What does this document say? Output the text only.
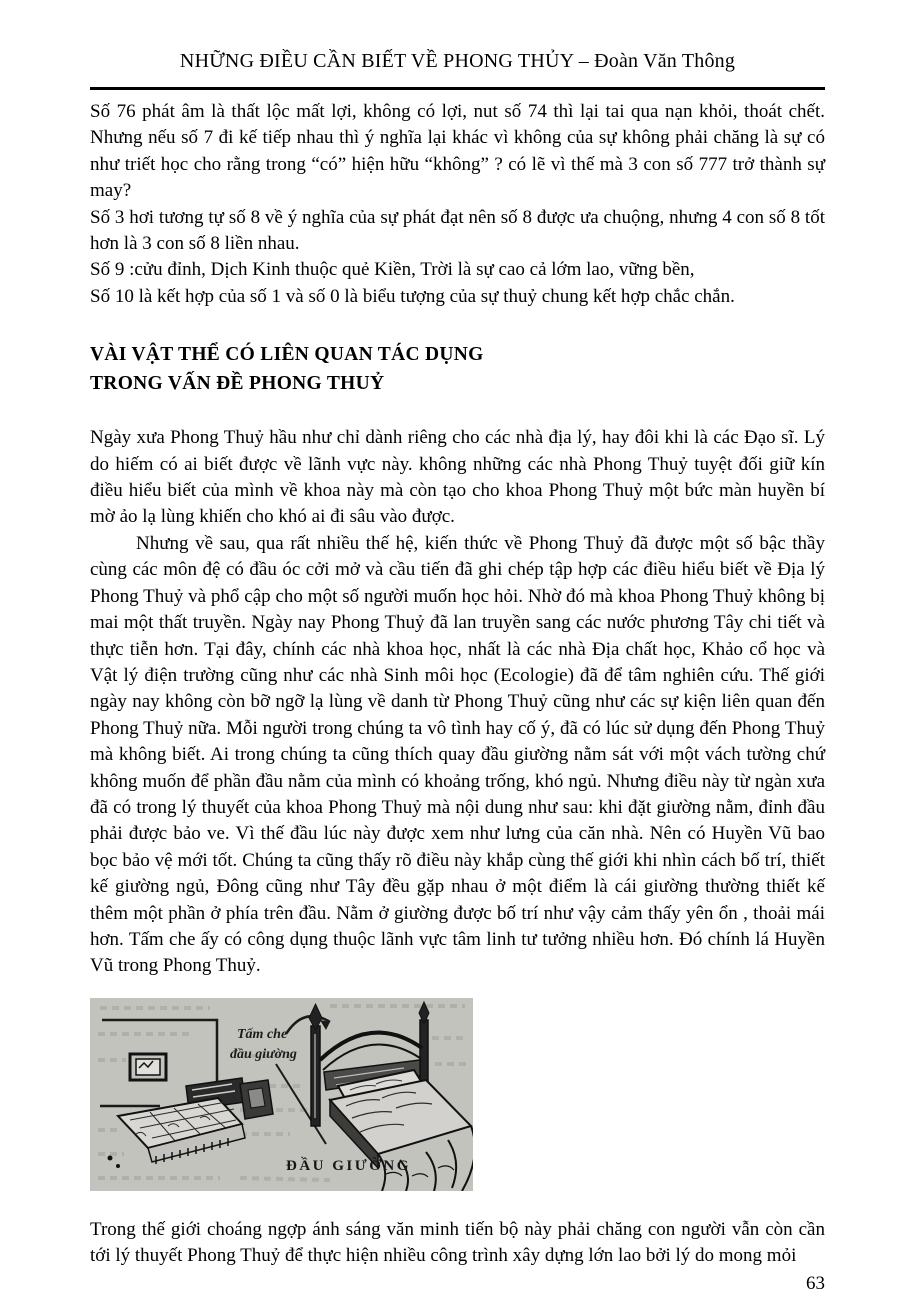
NHỮNG ĐIỀU CẦN BIẾT VỀ PHONG THỦY – Đoàn Văn Thông

Số 76 phát âm là thất lộc mất lợi, không có lợi, nut số 74 thì lại tai qua nạn khỏi, thoát chết. Nhưng nếu số 7 đi kế tiếp nhau thì ý nghĩa lại khác vì không của sự không phải chăng là sự có như triết học cho rằng trong “có” hiện hữu “không” ? có lẽ vì thế mà 3 con số 777 trở thành sự may?

Số 3 hơi tương tự số 8 về ý nghĩa của sự phát đạt nên số 8 được ưa chuộng, nhưng 4 con số 8 tốt hơn là 3 con số 8 liền nhau.

Số 9 :cửu đỉnh, Dịch Kinh thuộc quẻ Kiền, Trời là sự cao cả lớm lao, vững bền,

Số 10 là kết hợp của số 1 và số 0 là biểu tượng của sự thuỷ chung kết hợp chắc chắn.

VÀI VẬT THỂ CÓ LIÊN QUAN TÁC DỤNG
TRONG VẤN ĐỀ PHONG THUỶ

Ngày xưa Phong Thuỷ hầu như chỉ dành riêng cho các nhà địa lý, hay đôi khi là các Đạo sĩ. Lý do hiếm có ai biết được về lãnh vực này. không những các nhà Phong Thuỷ tuyệt đối giữ kín điều hiểu biết của mình về khoa này mà còn tạo cho khoa Phong Thuỷ một bức màn huyền bí mờ ảo lạ lùng khiến cho khó ai đi sâu vào được.

Nhưng về sau, qua rất nhiều thế hệ, kiến thức về Phong Thuỷ đã được một số bậc thầy cùng các môn đệ có đầu óc cởi mở và cầu tiến đã ghi chép tập hợp các điều hiểu biết về Địa lý Phong Thuỷ và phổ cập cho một số người muốn học hỏi. Nhờ đó mà khoa Phong Thuỷ không bị mai một thất truyền. Ngày nay Phong Thuỷ đã lan truyền sang các nước phương Tây chi tiết và thực tiễn hơn. Tại đây, chính các nhà khoa học, nhất là các nhà Địa chất học, Khảo cổ học và Vật lý điện trường cũng như các nhà Sinh môi học (Ecologie) đã để tâm nghiên cứu. Thế giới ngày nay không còn bỡ ngỡ lạ lùng về danh từ Phong Thuỷ cũng như các sự kiện liên quan đến Phong Thuỷ nữa. Mỗi người trong chúng ta vô tình hay cố ý, đã có lúc sử dụng đến Phong Thuỷ mà không biết. Ai trong chúng ta cũng thích quay đầu giường nằm sát với một vách tường chứ không muốn để phần đầu nằm của mình có khoảng trống, khó ngủ. Nhưng điều này từ ngàn xưa đã có trong lý thuyết của khoa Phong Thuỷ mà nội dung như sau: khi đặt giường nằm, đỉnh đầu phải được bảo ve. Vì thế đầu lúc này được xem như lưng của căn nhà. Nên có Huyền Vũ bao bọc bảo vệ mới tốt. Chúng ta cũng thấy rõ điều này khắp cùng thế giới khi nhìn cách bố trí, thiết kế giường ngủ, Đông cũng như Tây đều gặp nhau ở một điểm là cái giường thường thiết kế thêm một phần ở phía trên đầu. Nằm ở giường được bố trí như vậy cảm thấy yên ổn , thoải mái hơn. Tấm che ấy có công dụng thuộc lãnh vực tâm linh tư tưởng nhiều hơn. Đó chính lá Huyền Vũ trong Phong Thuỷ.

Tấm che
đầu giường
ĐẦU GIƯỜNG

Trong thế giới choáng ngợp ánh sáng văn minh tiến bộ này phải chăng con người vẫn còn cần tới lý thuyết Phong Thuỷ để thực hiện nhiều công trình xây dựng lớn lao bởi lý do mong mỏi

63
